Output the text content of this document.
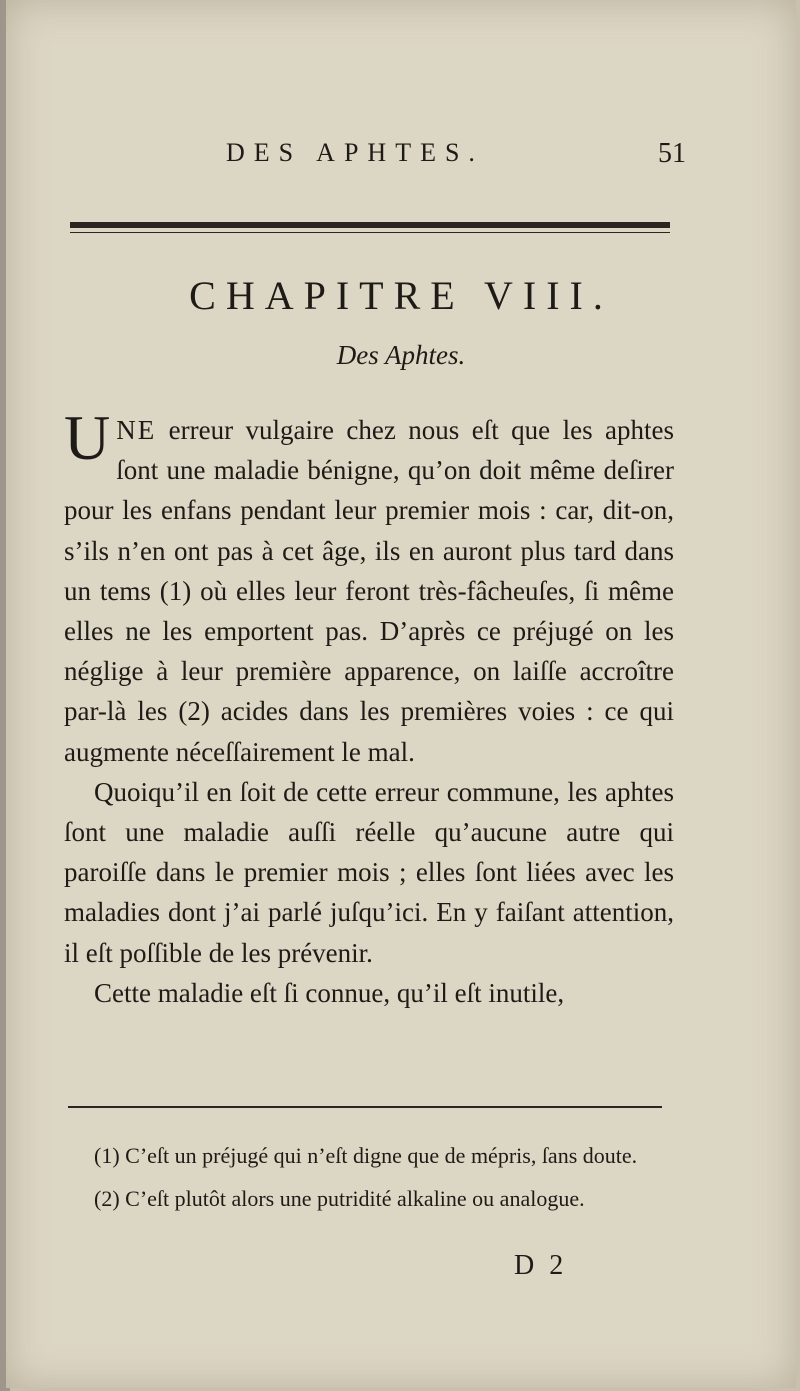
DES APHTES.	51
CHAPITRE VIII.
Des Aphtes.

UNE erreur vulgaire chez nous eſt que les aphtes ſont une maladie bénigne, qu’on doit même deſirer pour les enfans pendant leur premier mois : car, dit-on, s’ils n’en ont pas à cet âge, ils en auront plus tard dans un tems (1) où elles leur feront très-fâcheuſes, ſi même elles ne les emportent pas. D’après ce préjugé on les néglige à leur première apparence, on laiſſe accroître par-là les (2) acides dans les premières voies : ce qui augmente néceſſairement le mal.

Quoiqu’il en ſoit de cette erreur commune, les aphtes ſont une maladie auſſi réelle qu’aucune autre qui paroiſſe dans le premier mois ; elles ſont liées avec les maladies dont j’ai parlé juſqu’ici. En y faiſant attention, il eſt poſſible de les prévenir.

Cette maladie eſt ſi connue, qu’il eſt inutile,

(1) C’eſt un préjugé qui n’eſt digne que de mépris, ſans doute.

(2) C’eſt plutôt alors une putridité alkaline ou analogue.

D 2
